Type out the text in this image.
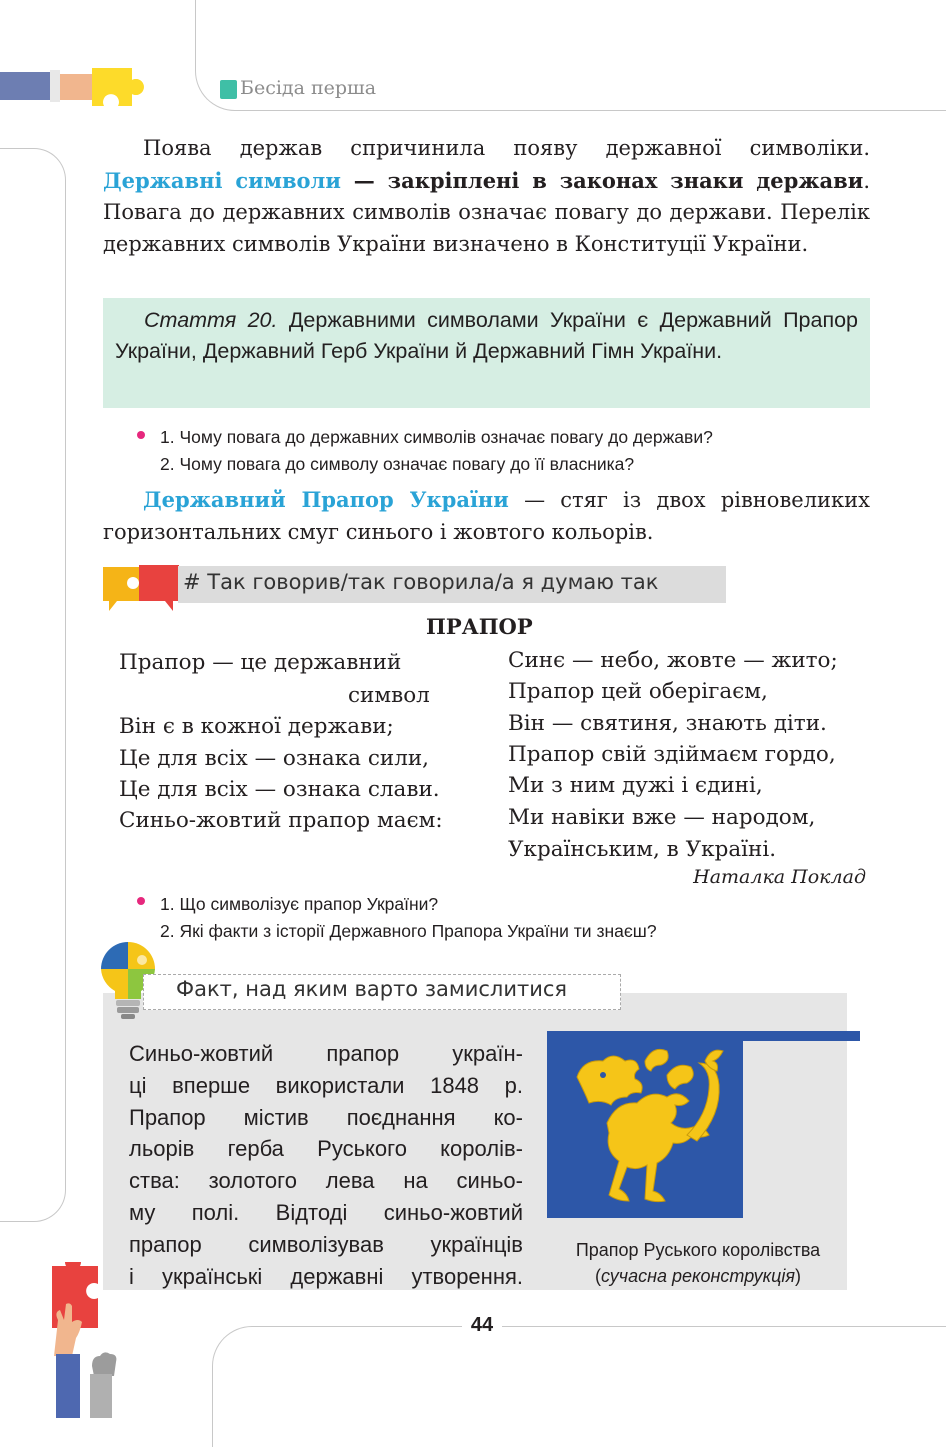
Бесіда перша
Поява держав спричинила появу державної символіки. Державні символи — закріплені в законах знаки держави. Повага до державних символів означає повагу до держави. Перелік державних символів України визначено в Конституції України.
Стаття 20. Державними символами України є Державний Прапор України, Державний Герб України й Державний Гімн України.
1. Чому повага до державних символів означає повагу до держави?
2. Чому повага до символу означає повагу до її власника?
Державний Прапор України — стяг із двох рівновеликих горизонтальних смуг синього і жовтого кольорів.
# Так говорив/так говорила/а я думаю так
ПРАПОР
Прапор — це державний
символ
Він є в кожної держави;
Це для всіх — ознака сили,
Це для всіх — ознака слави.
Синьо-жовтий прапор маєм:
Синє — небо, жовте — жито;
Прапор цей оберігаєм,
Він — святиня, знають діти.
Прапор свій здіймаєм гордо,
Ми з ним дужі і єдині,
Ми навіки вже — народом,
Українським, в Україні.
Наталка Поклад
1. Що символізує прапор України?
2. Які факти з історії Державного Прапора України ти знаєш?
Факт, над яким варто замислитися
Синьо-жовтий прапор україн-
ці вперше використали 1848 р.
Прапор містив поєднання ко-
льорів герба Руського королів-
ства: золотого лева на синьо-
му полі. Відтоді синьо-жовтий
прапор символізував українців
і українські державні утворення.
Прапор Руського королівства
(сучасна реконструкція)
44
